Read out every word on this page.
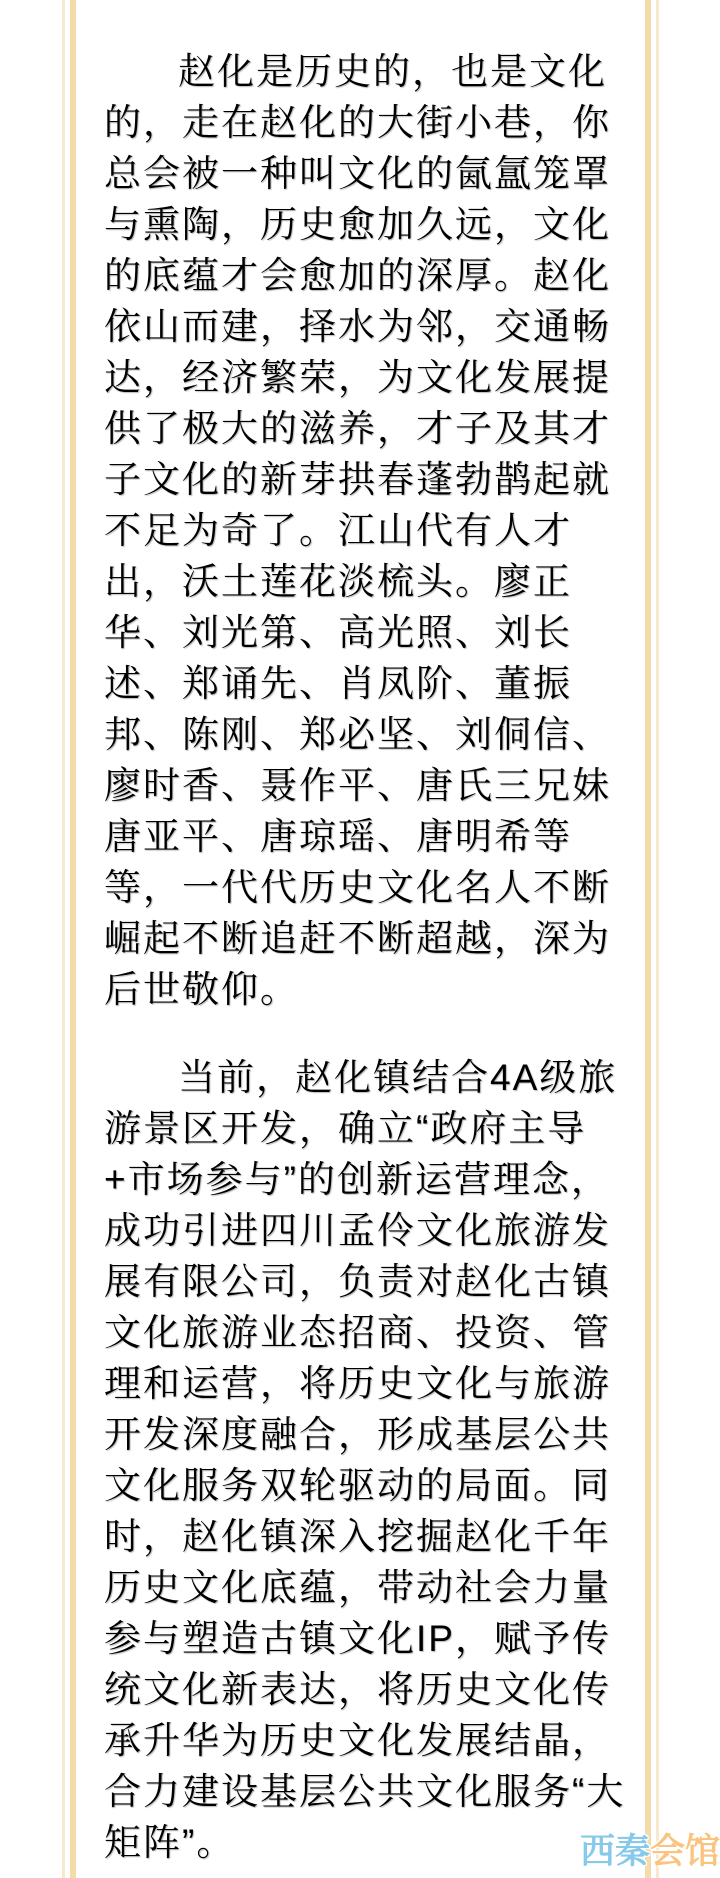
赵化是历史的，也是文化
的，走在赵化的大街小巷，你
总会被一种叫文化的氤氲笼罩
与熏陶，历史愈加久远，文化
的底蕴才会愈加的深厚。赵化
依山而建，择水为邻，交通畅
达，经济繁荣，为文化发展提
供了极大的滋养，才子及其才
子文化的新芽拱春蓬勃鹊起就
不足为奇了。江山代有人才
出，沃土莲花淡梳头。廖正
华、刘光第、高光照、刘长
述、郑诵先、肖凤阶、董振
邦、陈刚、郑必坚、刘侗信、
廖时香、聂作平、唐氏三兄妹
唐亚平、唐琼瑶、唐明希等
等，一代代历史文化名人不断
崛起不断追赶不断超越，深为
后世敬仰。
当前，赵化镇结合4A级旅
游景区开发，确立“政府主导
+市场参与”的创新运营理念，
成功引进四川孟伶文化旅游发
展有限公司，负责对赵化古镇
文化旅游业态招商、投资、管
理和运营，将历史文化与旅游
开发深度融合，形成基层公共
文化服务双轮驱动的局面。同
时，赵化镇深入挖掘赵化千年
历史文化底蕴，带动社会力量
参与塑造古镇文化IP，赋予传
统文化新表达，将历史文化传
承升华为历史文化发展结晶，
合力建设基层公共文化服务“大
矩阵”。	西秦会馆
